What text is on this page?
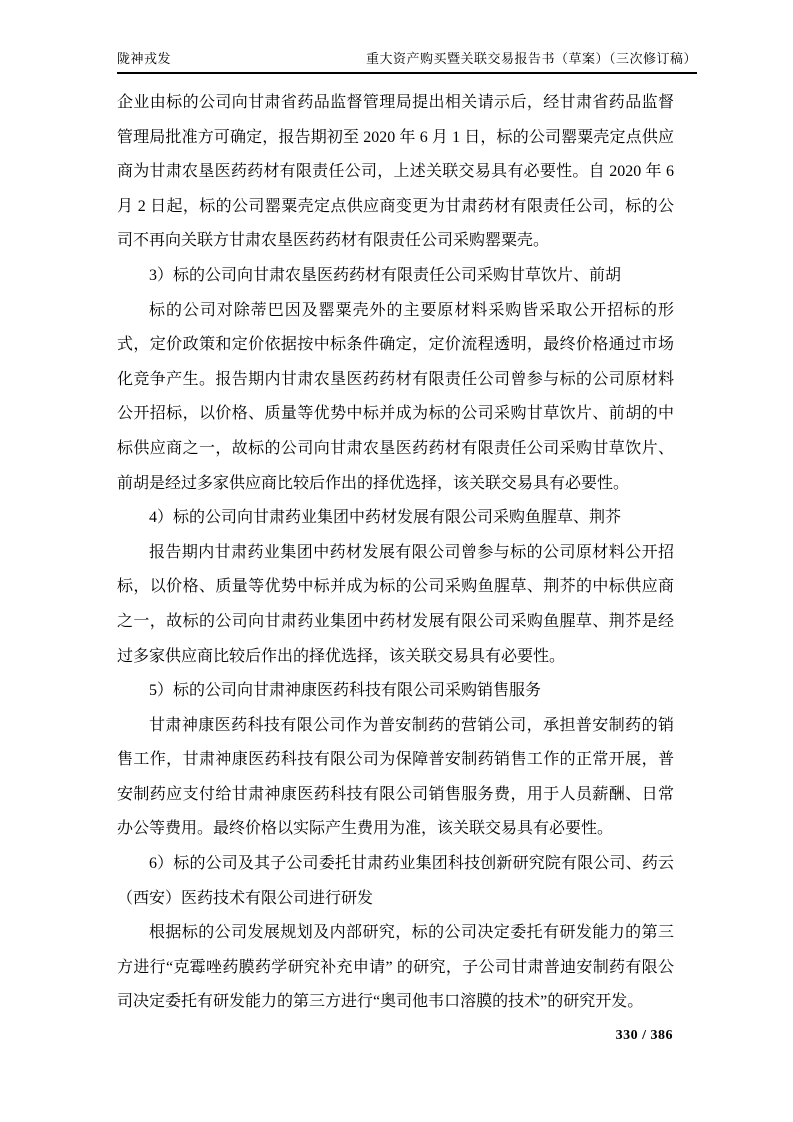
陇神戎发	重大资产购买暨关联交易报告书（草案）（三次修订稿）

企业由标的公司向甘肃省药品监督管理局提出相关请示后，经甘肃省药品监督管理局批准方可确定，报告期初至 2020 年 6 月 1 日，标的公司罂粟壳定点供应商为甘肃农垦医药药材有限责任公司，上述关联交易具有必要性。自 2020 年 6 月 2 日起，标的公司罂粟壳定点供应商变更为甘肃药材有限责任公司，标的公司不再向关联方甘肃农垦医药药材有限责任公司采购罂粟壳。

3）标的公司向甘肃农垦医药药材有限责任公司采购甘草饮片、前胡

标的公司对除蒂巴因及罂粟壳外的主要原材料采购皆采取公开招标的形式，定价政策和定价依据按中标条件确定，定价流程透明，最终价格通过市场化竞争产生。报告期内甘肃农垦医药药材有限责任公司曾参与标的公司原材料公开招标，以价格、质量等优势中标并成为标的公司采购甘草饮片、前胡的中标供应商之一，故标的公司向甘肃农垦医药药材有限责任公司采购甘草饮片、前胡是经过多家供应商比较后作出的择优选择，该关联交易具有必要性。

4）标的公司向甘肃药业集团中药材发展有限公司采购鱼腥草、荆芥

报告期内甘肃药业集团中药材发展有限公司曾参与标的公司原材料公开招标，以价格、质量等优势中标并成为标的公司采购鱼腥草、荆芥的中标供应商之一，故标的公司向甘肃药业集团中药材发展有限公司采购鱼腥草、荆芥是经过多家供应商比较后作出的择优选择，该关联交易具有必要性。

5）标的公司向甘肃神康医药科技有限公司采购销售服务

甘肃神康医药科技有限公司作为普安制药的营销公司，承担普安制药的销售工作，甘肃神康医药科技有限公司为保障普安制药销售工作的正常开展，普安制药应支付给甘肃神康医药科技有限公司销售服务费，用于人员薪酬、日常办公等费用。最终价格以实际产生费用为准，该关联交易具有必要性。

6）标的公司及其子公司委托甘肃药业集团科技创新研究院有限公司、药云（西安）医药技术有限公司进行研发

根据标的公司发展规划及内部研究，标的公司决定委托有研发能力的第三方进行“克霉唑药膜药学研究补充申请” 的研究，子公司甘肃普迪安制药有限公司决定委托有研发能力的第三方进行“奥司他韦口溶膜的技术”的研究开发。

330 / 386
